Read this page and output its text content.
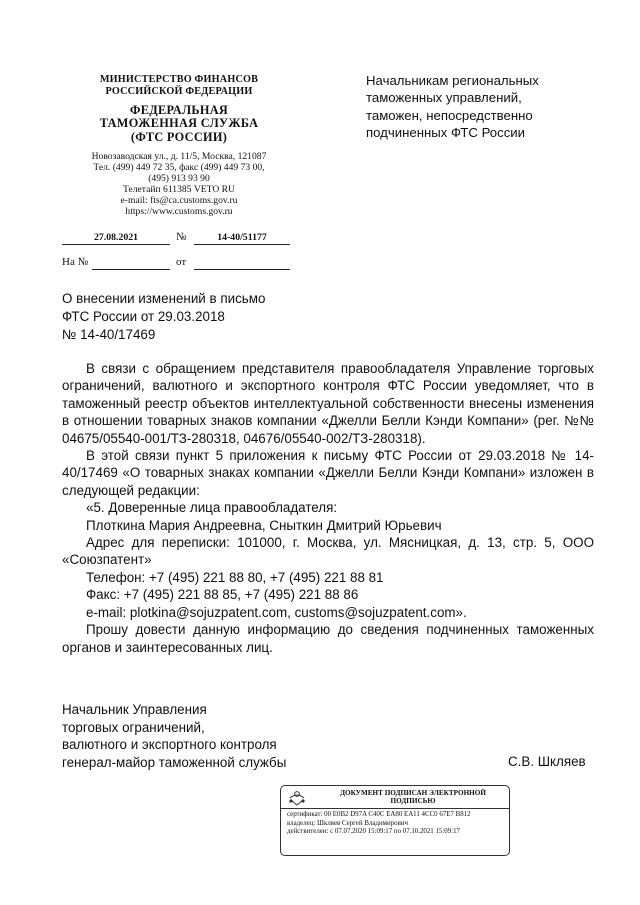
МИНИСТЕРСТВО ФИНАНСОВ
РОССИЙСКОЙ ФЕДЕРАЦИИ
ФЕДЕРАЛЬНАЯ
ТАМОЖЕННАЯ СЛУЖБА
(ФТС РОССИИ)
Новозаводская ул., д. 11/5, Москва, 121087
Тел. (499) 449 72 35, факс (499) 449 73 00,
(495) 913 93 90
Телетайп 611385 VETO RU
e-mail: fts@ca.customs.gov.ru
https://www.customs.gov.ru
Начальникам региональных
таможенных управлений,
таможен, непосредственно
подчиненных ФТС России
27.08.2021	№	14-40/51177
На №	от
О внесении изменений в письмо
ФТС России от 29.03.2018
№ 14-40/17469

В связи с обращением представителя правообладателя Управление торговых ограничений, валютного и экспортного контроля ФТС России уведомляет, что в таможенный реестр объектов интеллектуальной собственности внесены изменения в отношении товарных знаков компании «Джелли Белли Кэнди Компани» (рег. №№ 04675/05540-001/ТЗ-280318, 04676/05540-002/ТЗ-280318).

В этой связи пункт 5 приложения к письму ФТС России от 29.03.2018 № 14-40/17469 «О товарных знаках компании «Джелли Белли Кэнди Компани» изложен в следующей редакции:

«5. Доверенные лица правообладателя:

Плоткина Мария Андреевна, Сныткин Дмитрий Юрьевич

Адрес для переписки: 101000, г. Москва, ул. Мясницкая, д. 13, стр. 5, ООО «Союзпатент»

Телефон: +7 (495) 221 88 80, +7 (495) 221 88 81

Факс: +7 (495) 221 88 85, +7 (495) 221 88 86

e-mail: plotkina@sojuzpatent.com, customs@sojuzpatent.com».

Прошу довести данную информацию до сведения подчиненных таможенных органов и заинтересованных лиц.

Начальник Управления
торговых ограничений,
валютного и экспортного контроля
генерал-майор таможенной службы	С.В. Шкляев
ДОКУМЕНТ ПОДПИСАН ЭЛЕКТРОННОЙ
ПОДПИСЬЮ
сертификат: 00 E0B2 D97A C40C EA80 EA11 4CC0 67E7 B812
владелец: Шкляев Сергей Владимирович
действителен: с 07.07.2020 15:09:17 по 07.10.2021 15:09:17
